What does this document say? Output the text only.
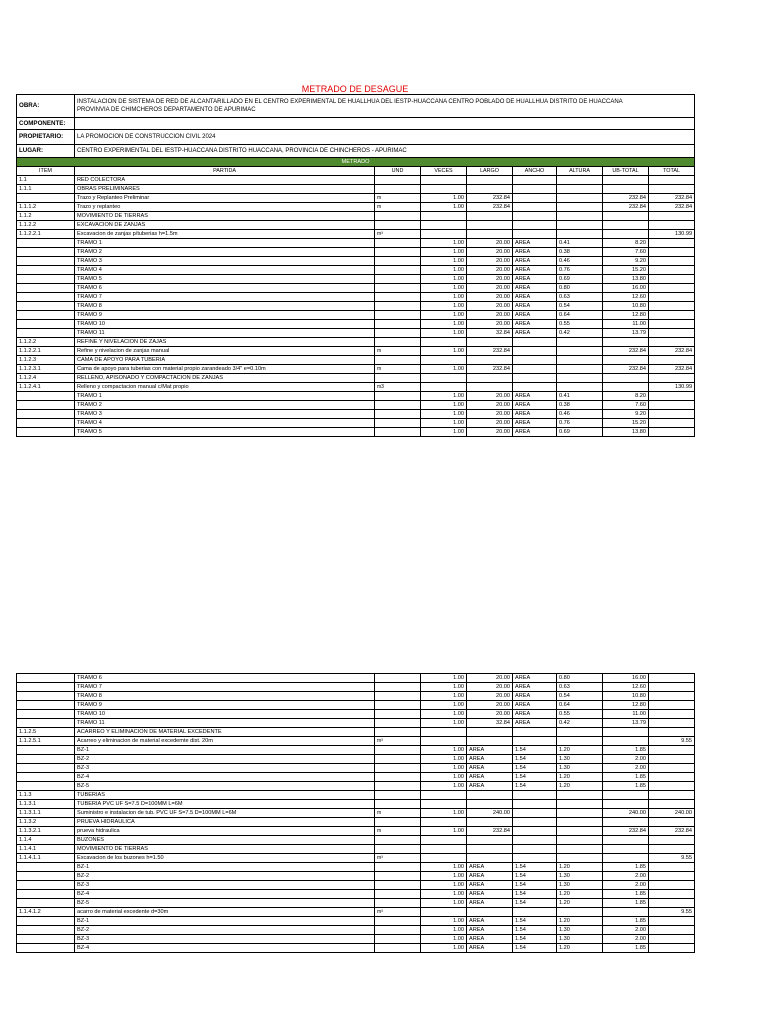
METRADO DE DESAGUE
OBRA:	INSTALACION DE SISTEMA DE RED DE ALCANTARILLADO EN EL CENTRO EXPERIMENTAL DE HUALLHUA DEL IESTP-HUACCANA CENTRO POBLADO DE HUALLHUA DISTRITO DE HUACCANA
PROVINVIA DE CHIMCHEROS DEPARTAMENTO DE APURIMAC							

COMPONENTE:								
PROPIETARIO:	LA PROMOCION DE CONSTRUCCION CIVIL 2024							
LUGAR:	CENTRO EXPERIMENTAL DEL IESTP-HUACCANA DISTRITO HUACCANA, PROVINCIA DE CHINCHEROS - APURIMAC							
METRADO								
ITEM	PARTIDA	UND	VECES	LARGO	ANCHO	ALTURA	UB-TOTAL	TOTAL
1.1	RED COLECTORA							
1.1.1	OBRAS PRELIMINARES							
	Trazo y Replanteo Preliminar	m	1.00	232.84			232.84	232.84
1.1.1.2	Trazo y replanteo	m	1.00	232.84			232.84	232.84
1.1.2	MOVIMIENTO DE TIERRAS							
1.1.2.2	EXCAVACION DE ZANJAS							
1.1.2.2.1	Excavacion de zanjas p/tuberias h=1.5m	m³						130.99
	TRAMO 1		1.00	20.00	AREA	0.41	8.20	
	TRAMO 2		1.00	20.00	AREA	0.38	7.60	
	TRAMO 3		1.00	20.00	AREA	0.46	9.20	
	TRAMO 4		1.00	20.00	AREA	0.76	15.20	
	TRAMO 5		1.00	20.00	AREA	0.69	13.80	
	TRAMO 6		1.00	20.00	AREA	0.80	16.00	
	TRAMO 7		1.00	20.00	AREA	0.63	12.60	
	TRAMO 8		1.00	20.00	AREA	0.54	10.80	
	TRAMO 9		1.00	20.00	AREA	0.64	12.80	
	TRAMO 10		1.00	20.00	AREA	0.55	11.00	
	TRAMO 11		1.00	32.84	AREA	0.42	13.79	
1.1.2.2	REFINE Y NIVELACION DE ZAJAS							
1.1.2.2.1	Refine y nivelacion de zanjas manual	m	1.00	232.84			232.84	232.84
1.1.2.3	CAMA DE APOYO PARA TUBERIA							
1.1.2.3.1	Cama de apoyo para tuberias con material propio zarandeado 3/4" e=0.10m	m	1.00	232.84			232.84	232.84
1.1.2.4	RELLENO, APISONADO Y COMPACTACION DE ZANJAS							
1.1.2.4.1	Relleno y compactacion manual c/Mat propio	m3						130.99
	TRAMO 1		1.00	20.00	AREA	0.41	8.20	
	TRAMO 2		1.00	20.00	AREA	0.38	7.60	
	TRAMO 3		1.00	20.00	AREA	0.46	9.20	
	TRAMO 4		1.00	20.00	AREA	0.76	15.20	
	TRAMO 5		1.00	20.00	AREA	0.69	13.80	
	TRAMO 6		1.00	20.00	AREA	0.80	16.00	
	TRAMO 7		1.00	20.00	AREA	0.63	12.60	
	TRAMO 8		1.00	20.00	AREA	0.54	10.80	
	TRAMO 9		1.00	20.00	AREA	0.64	12.80	
	TRAMO 10		1.00	20.00	AREA	0.55	11.00	
	TRAMO 11		1.00	32.84	AREA	0.42	13.79	
1.1.2.5	ACARREO Y ELIMINACION DE MATERIAL EXCEDENTE							
1.1.2.5.1	Acarreo y eliminacion de material excedemte dist. 20m	m³						9.55
	BZ-1		1.00	AREA	1.54	1.20	1.85	
	BZ-2		1.00	AREA	1.54	1.30	2.00	
	BZ-3		1.00	AREA	1.54	1.30	2.00	
	BZ-4		1.00	AREA	1.54	1.20	1.85	
	BZ-5		1.00	AREA	1.54	1.20	1.85	
1.1.3	TUBERIAS							
1.1.3.1	TUBERIA PVC UF S=7.5 D=100MM L=6M							
1.1.3.1.1	Suministro e instalacion de tub. PVC UF S=7.5 D=100MM L=6M	m	1.00	240.00			240.00	240.00
1.1.3.2	PRUEVA HIDRAULICA							
1.1.3.2.1	prueva hidraulica	m	1.00	232.84			232.84	232.84
1.1.4	BUZONES							
1.1.4.1	MOVIMIENTO DE TIERRAS							
1.1.4.1.1	Excavacion de los buzones h=1.50	m³						9.55
	BZ-1		1.00	AREA	1.54	1.20	1.85	
	BZ-2		1.00	AREA	1.54	1.30	2.00	
	BZ-3		1.00	AREA	1.54	1.30	2.00	
	BZ-4		1.00	AREA	1.54	1.20	1.85	
	BZ-5		1.00	AREA	1.54	1.20	1.85	
1.1.4.1.2	acarro de material excedente d=30m	m³						9.55
	BZ-1		1.00	AREA	1.54	1.20	1.85	
	BZ-2		1.00	AREA	1.54	1.30	2.00	
	BZ-3		1.00	AREA	1.54	1.30	2.00	
	BZ-4		1.00	AREA	1.54	1.20	1.85	
